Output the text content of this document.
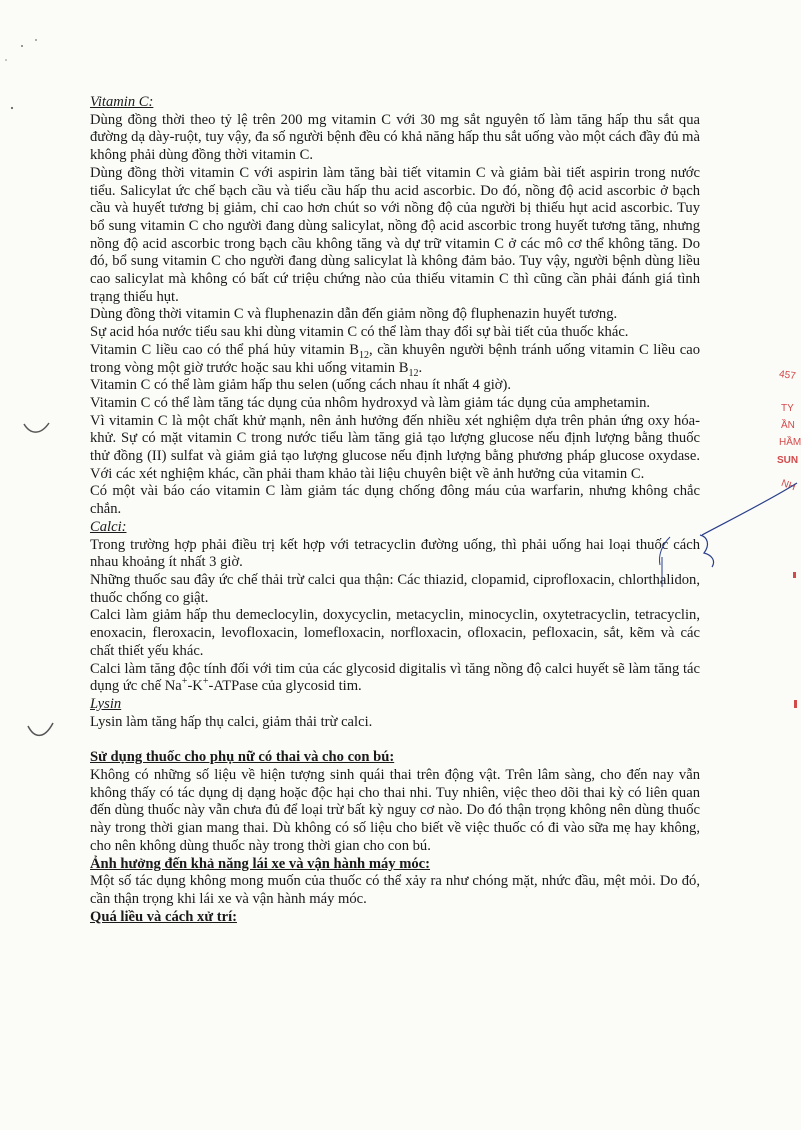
Vitamin C:

Dùng đồng thời theo tỷ lệ trên 200 mg vitamin C với 30 mg sắt nguyên tố làm tăng hấp thu sắt qua đường dạ dày-ruột, tuy vậy, đa số người bệnh đều có khả năng hấp thu sắt uống vào một cách đầy đủ mà không phải dùng đồng thời vitamin C.

Dùng đồng thời vitamin C với aspirin làm tăng bài tiết vitamin C và giảm bài tiết aspirin trong nước tiểu. Salicylat ức chế bạch cầu và tiểu cầu hấp thu acid ascorbic. Do đó, nồng độ acid ascorbic ở bạch cầu và huyết tương bị giảm, chỉ cao hơn chút so với nồng độ của người bị thiếu hụt acid ascorbic. Tuy bổ sung vitamin C cho người đang dùng salicylat, nồng độ acid ascorbic trong huyết tương tăng, nhưng nồng độ acid ascorbic trong bạch cầu không tăng và dự trữ vitamin C ở các mô cơ thể không tăng. Do đó, bổ sung vitamin C cho người đang dùng salicylat là không đảm bảo. Tuy vậy, người bệnh dùng liều cao salicylat mà không có bất cứ triệu chứng nào của thiếu vitamin C thì cũng cần phải đánh giá tình trạng thiếu hụt.

Dùng đồng thời vitamin C và fluphenazin dẫn đến giảm nồng độ fluphenazin huyết tương.

Sự acid hóa nước tiểu sau khi dùng vitamin C có thể làm thay đổi sự bài tiết của thuốc khác.

Vitamin C liều cao có thể phá hủy vitamin $B_{12}$, cần khuyên người bệnh tránh uống vitamin C liều cao trong vòng một giờ trước hoặc sau khi uống vitamin $B_{12}$.

Vitamin C có thể làm giảm hấp thu selen (uống cách nhau ít nhất 4 giờ).

Vitamin C có thể làm tăng tác dụng của nhôm hydroxyd và làm giảm tác dụng của amphetamin.

Vì vitamin C là một chất khử mạnh, nên ảnh hưởng đến nhiều xét nghiệm dựa trên phản ứng oxy hóa-khử. Sự có mặt vitamin C trong nước tiểu làm tăng giả tạo lượng glucose nếu định lượng bằng thuốc thử đồng (II) sulfat và giảm giả tạo lượng glucose nếu định lượng bằng phương pháp glucose oxydase. Với các xét nghiệm khác, cần phải tham khảo tài liệu chuyên biệt về ảnh hưởng của vitamin C.

Có một vài báo cáo vitamin C làm giảm tác dụng chống đông máu của warfarin, nhưng không chắc chắn.

Calci:

Trong trường hợp phải điều trị kết hợp với tetracyclin đường uống, thì phải uống hai loại thuốc cách nhau khoảng ít nhất 3 giờ.

Những thuốc sau đây ức chế thải trừ calci qua thận: Các thiazid, clopamid, ciprofloxacin, chlorthalidon, thuốc chống co giật.

Calci làm giảm hấp thu demeclocylin, doxycyclin, metacyclin, minocyclin, oxytetracyclin, tetracyclin, enoxacin, fleroxacin, levofloxacin, lomefloxacin, norfloxacin, ofloxacin, pefloxacin, sắt, kẽm và các chất thiết yếu khác.

Calci làm tăng độc tính đối với tim của các glycosid digitalis vì tăng nồng độ calci huyết sẽ làm tăng tác dụng ức chế Na+-K+-ATPase của glycosid tim.

Lysin

Lysin làm tăng hấp thụ calci, giảm thải trừ calci.

Sử dụng thuốc cho phụ nữ có thai và cho con bú:

Không có những số liệu về hiện tượng sinh quái thai trên động vật. Trên lâm sàng, cho đến nay vẫn không thấy có tác dụng dị dạng hoặc độc hại cho thai nhi. Tuy nhiên, việc theo dõi thai kỳ có liên quan đến dùng thuốc này vẫn chưa đủ để loại trừ bất kỳ nguy cơ nào. Do đó thận trọng không nên dùng thuốc này trong thời gian mang thai. Dù không có số liệu cho biết về việc thuốc có đi vào sữa mẹ hay không, cho nên không dùng thuốc này trong thời gian cho con bú.

Ảnh hưởng đến khả năng lái xe và vận hành máy móc:

Một số tác dụng không mong muốn của thuốc có thể xảy ra như chóng mặt, nhức đầu, mệt mỏi. Do đó, cần thận trọng khi lái xe và vận hành máy móc.

Quá liều và cách xử trí:

457
TY
ẦN
HẦM
SUN
NH
